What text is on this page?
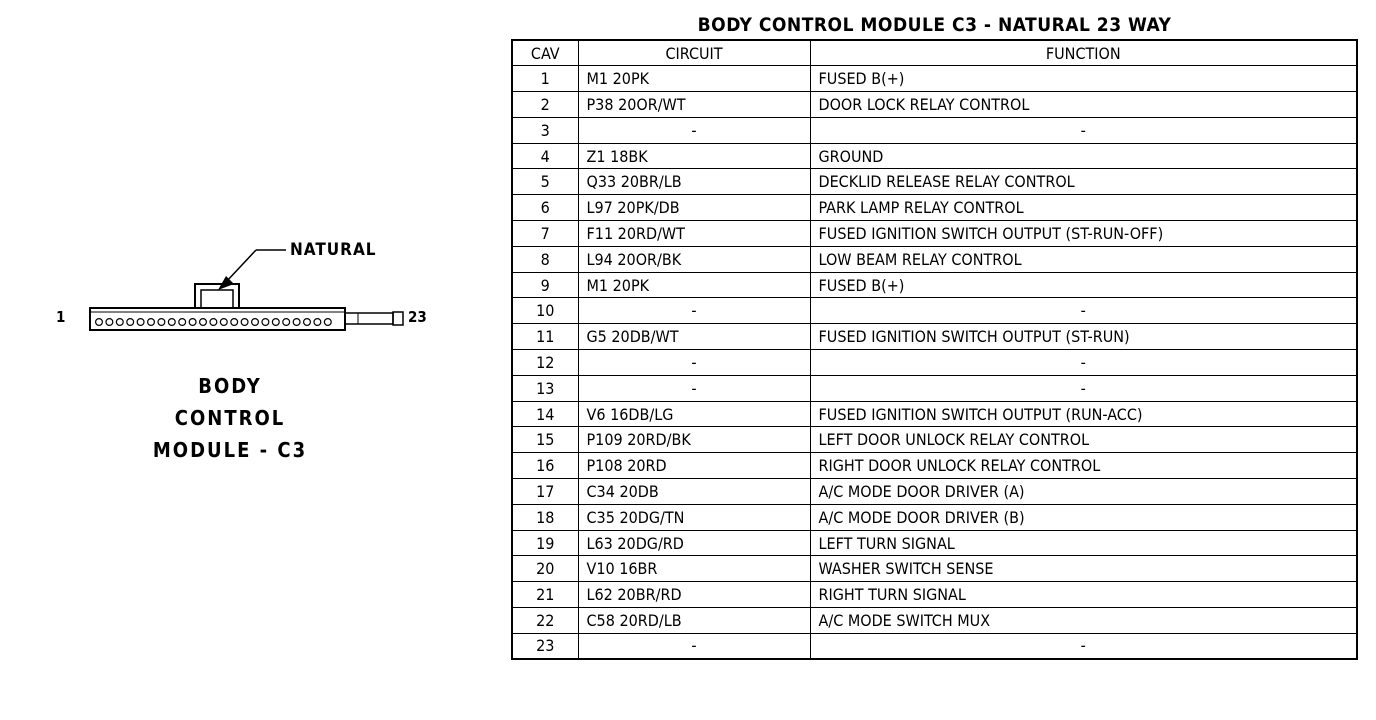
NATURAL
1	23
BODY
CONTROL
MODULE - C3
BODY CONTROL MODULE C3 - NATURAL 23 WAY
CAV	CIRCUIT	FUNCTION
1	M1 20PK	FUSED B(+)
2	P38 20OR/WT	DOOR LOCK RELAY CONTROL
3	-	-
4	Z1 18BK	GROUND
5	Q33 20BR/LB	DECKLID RELEASE RELAY CONTROL
6	L97 20PK/DB	PARK LAMP RELAY CONTROL
7	F11 20RD/WT	FUSED IGNITION SWITCH OUTPUT (ST-RUN-OFF)
8	L94 20OR/BK	LOW BEAM RELAY CONTROL
9	M1 20PK	FUSED B(+)
10	-	-
11	G5 20DB/WT	FUSED IGNITION SWITCH OUTPUT (ST-RUN)
12	-	-
13	-	-
14	V6 16DB/LG	FUSED IGNITION SWITCH OUTPUT (RUN-ACC)
15	P109 20RD/BK	LEFT DOOR UNLOCK RELAY CONTROL
16	P108 20RD	RIGHT DOOR UNLOCK RELAY CONTROL
17	C34 20DB	A/C MODE DOOR DRIVER (A)
18	C35 20DG/TN	A/C MODE DOOR DRIVER (B)
19	L63 20DG/RD	LEFT TURN SIGNAL
20	V10 16BR	WASHER SWITCH SENSE
21	L62 20BR/RD	RIGHT TURN SIGNAL
22	C58 20RD/LB	A/C MODE SWITCH MUX
23	-	-
